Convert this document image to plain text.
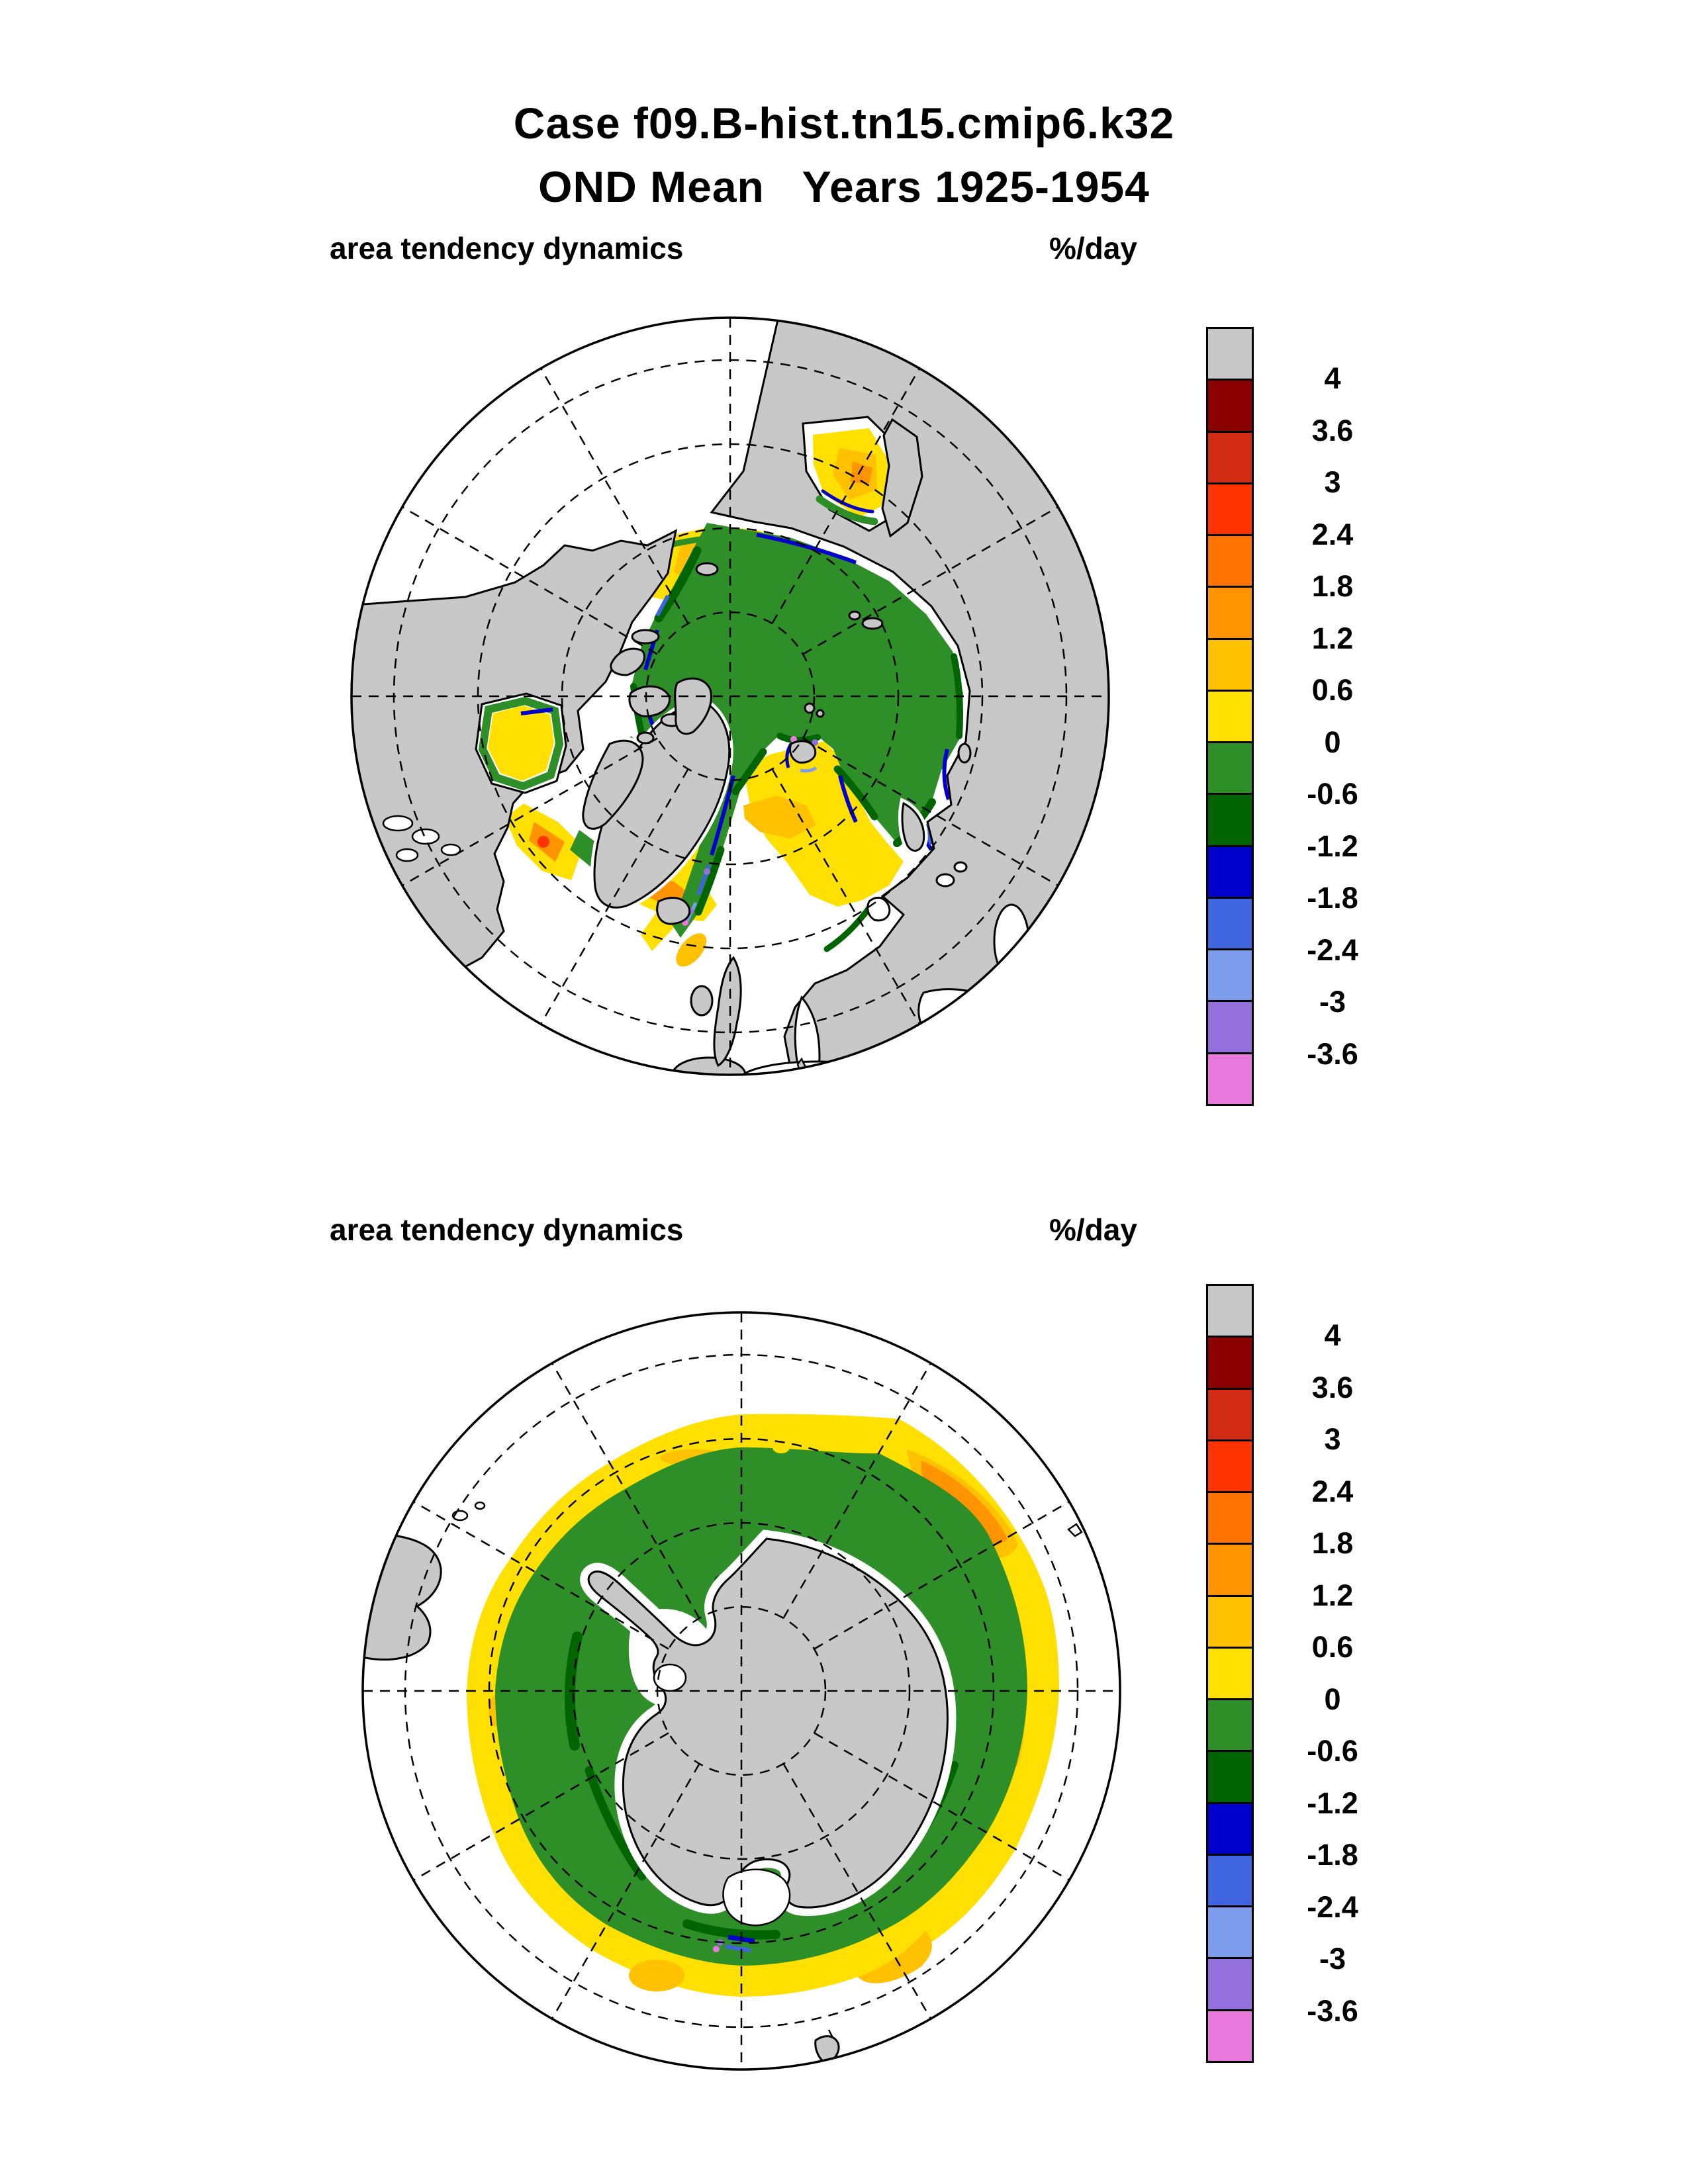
Case f09.B-hist.tn15.cmip6.k32
OND Mean   Years 1925-1954
area tendency dynamics	%/day
4
3.6
3
2.4
1.8
1.2
0.6
0
-0.6
-1.2
-1.8
-2.4
-3
-3.6
area tendency dynamics	%/day
4
3.6
3
2.4
1.8
1.2
0.6
0
-0.6
-1.2
-1.8
-2.4
-3
-3.6
